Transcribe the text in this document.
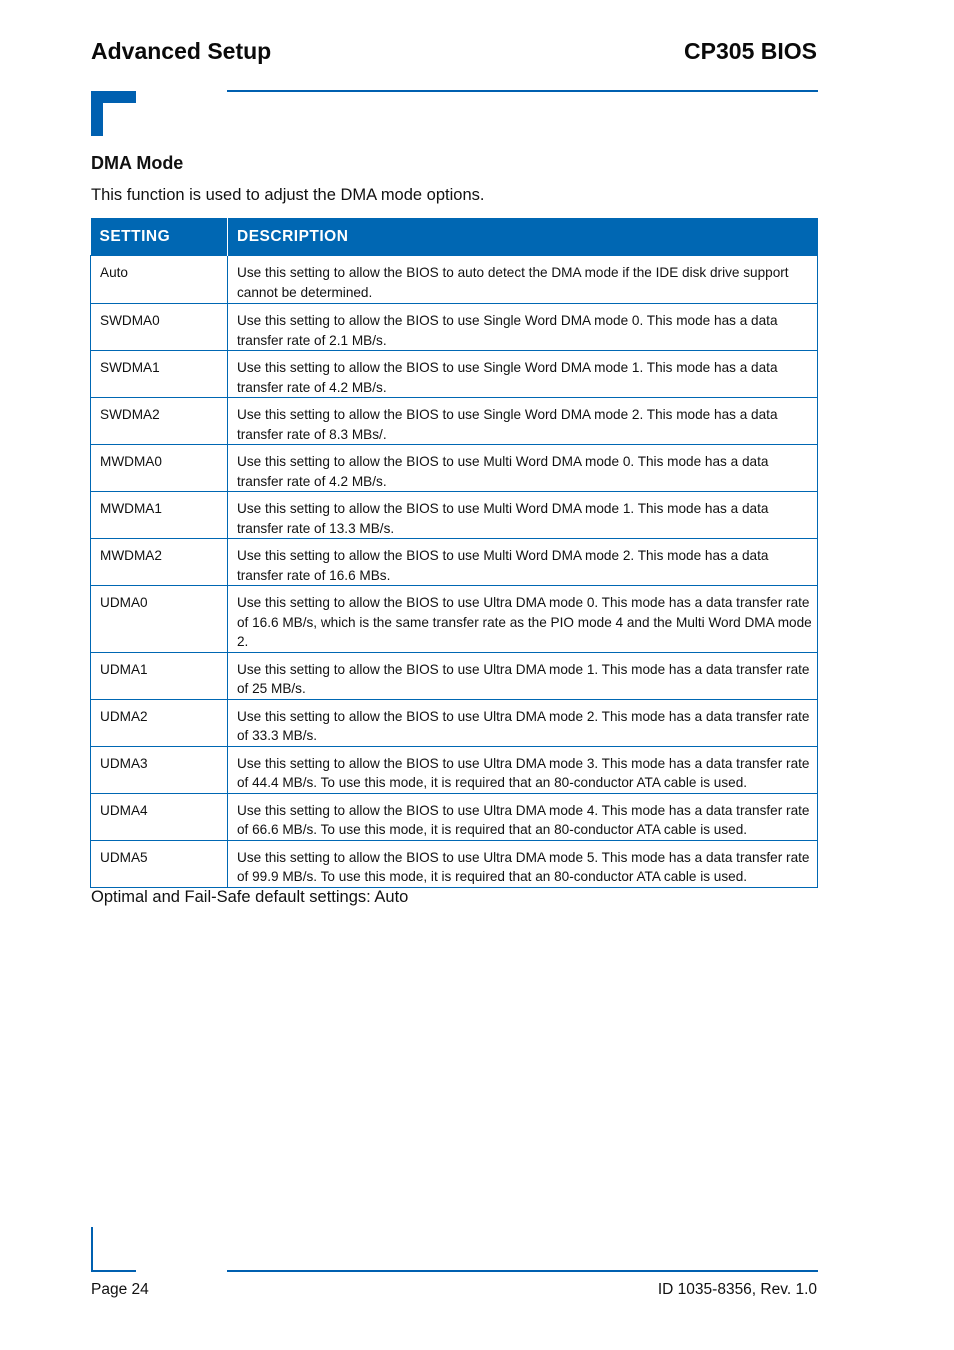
Advanced Setup	CP305 BIOS
DMA Mode
This function is used to adjust the DMA mode options.
SETTING	DESCRIPTION
Auto	Use this setting to allow the BIOS to auto detect the DMA mode if the IDE disk drive support cannot be determined.
SWDMA0	Use this setting to allow the BIOS to use Single Word DMA mode 0. This mode has a data transfer rate of 2.1 MB/s.
SWDMA1	Use this setting to allow the BIOS to use Single Word DMA mode 1. This mode has a data transfer rate of 4.2 MB/s.
SWDMA2	Use this setting to allow the BIOS to use Single Word DMA mode 2. This mode has a data transfer rate of 8.3 MBs/.
MWDMA0	Use this setting to allow the BIOS to use Multi Word DMA mode 0. This mode has a data transfer rate of 4.2 MB/s.
MWDMA1	Use this setting to allow the BIOS to use Multi Word DMA mode 1. This mode has a data transfer rate of 13.3 MB/s.
MWDMA2	Use this setting to allow the BIOS to use Multi Word DMA mode 2. This mode has a data transfer rate of 16.6 MBs.
UDMA0	Use this setting to allow the BIOS to use Ultra DMA mode 0. This mode has a data transfer rate of 16.6 MB/s, which is the same transfer rate as the PIO mode 4 and the Multi Word DMA mode 2.
UDMA1	Use this setting to allow the BIOS to use Ultra DMA mode 1. This mode has a data transfer rate of 25 MB/s.
UDMA2	Use this setting to allow the BIOS to use Ultra DMA mode 2. This mode has a data transfer rate of 33.3 MB/s.
UDMA3	Use this setting to allow the BIOS to use Ultra DMA mode 3. This mode has a data transfer rate of 44.4 MB/s. To use this mode, it is required that an 80-conductor ATA cable is used.
UDMA4	Use this setting to allow the BIOS to use Ultra DMA mode 4. This mode has a data transfer rate of 66.6 MB/s. To use this mode, it is required that an 80-conductor ATA cable is used.
UDMA5	Use this setting to allow the BIOS to use Ultra DMA mode 5. This mode has a data transfer rate of 99.9 MB/s. To use this mode, it is required that an 80-conductor ATA cable is used.
Optimal and Fail-Safe default settings: Auto
Page 24	ID 1035-8356, Rev. 1.0
